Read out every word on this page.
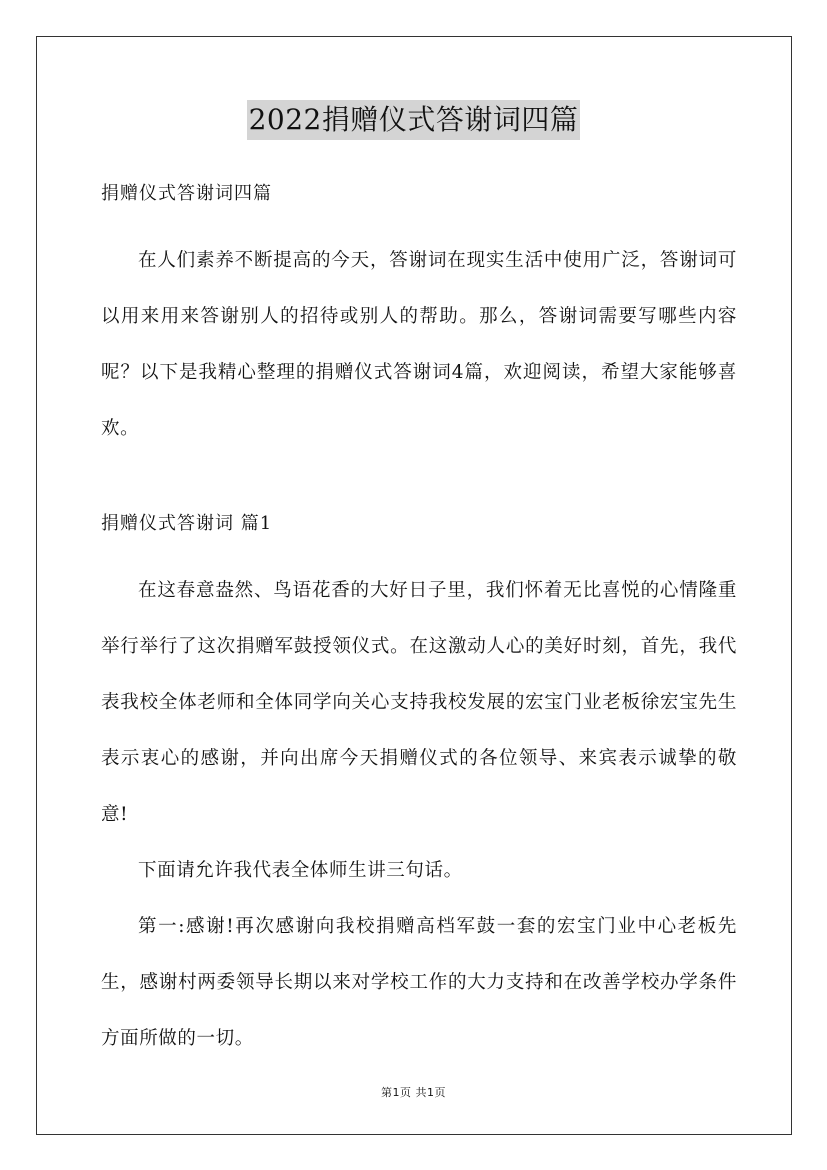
2022捐赠仪式答谢词四篇

捐赠仪式答谢词四篇

在人们素养不断提高的今天，答谢词在现实生活中使用广泛，答谢词可以用来用来答谢别人的招待或别人的帮助。那么，答谢词需要写哪些内容呢？以下是我精心整理的捐赠仪式答谢词4篇，欢迎阅读，希望大家能够喜欢。

捐赠仪式答谢词 篇1

在这春意盎然、鸟语花香的大好日子里，我们怀着无比喜悦的心情隆重举行举行了这次捐赠军鼓授领仪式。在这激动人心的美好时刻，首先，我代表我校全体老师和全体同学向关心支持我校发展的宏宝门业老板徐宏宝先生表示衷心的感谢，并向出席今天捐赠仪式的各位领导、来宾表示诚挚的敬意!

下面请允许我代表全体师生讲三句话。

第一:感谢!再次感谢向我校捐赠高档军鼓一套的宏宝门业中心老板先生，感谢村两委领导长期以来对学校工作的大力支持和在改善学校办学条件方面所做的一切。

第1页 共1页
